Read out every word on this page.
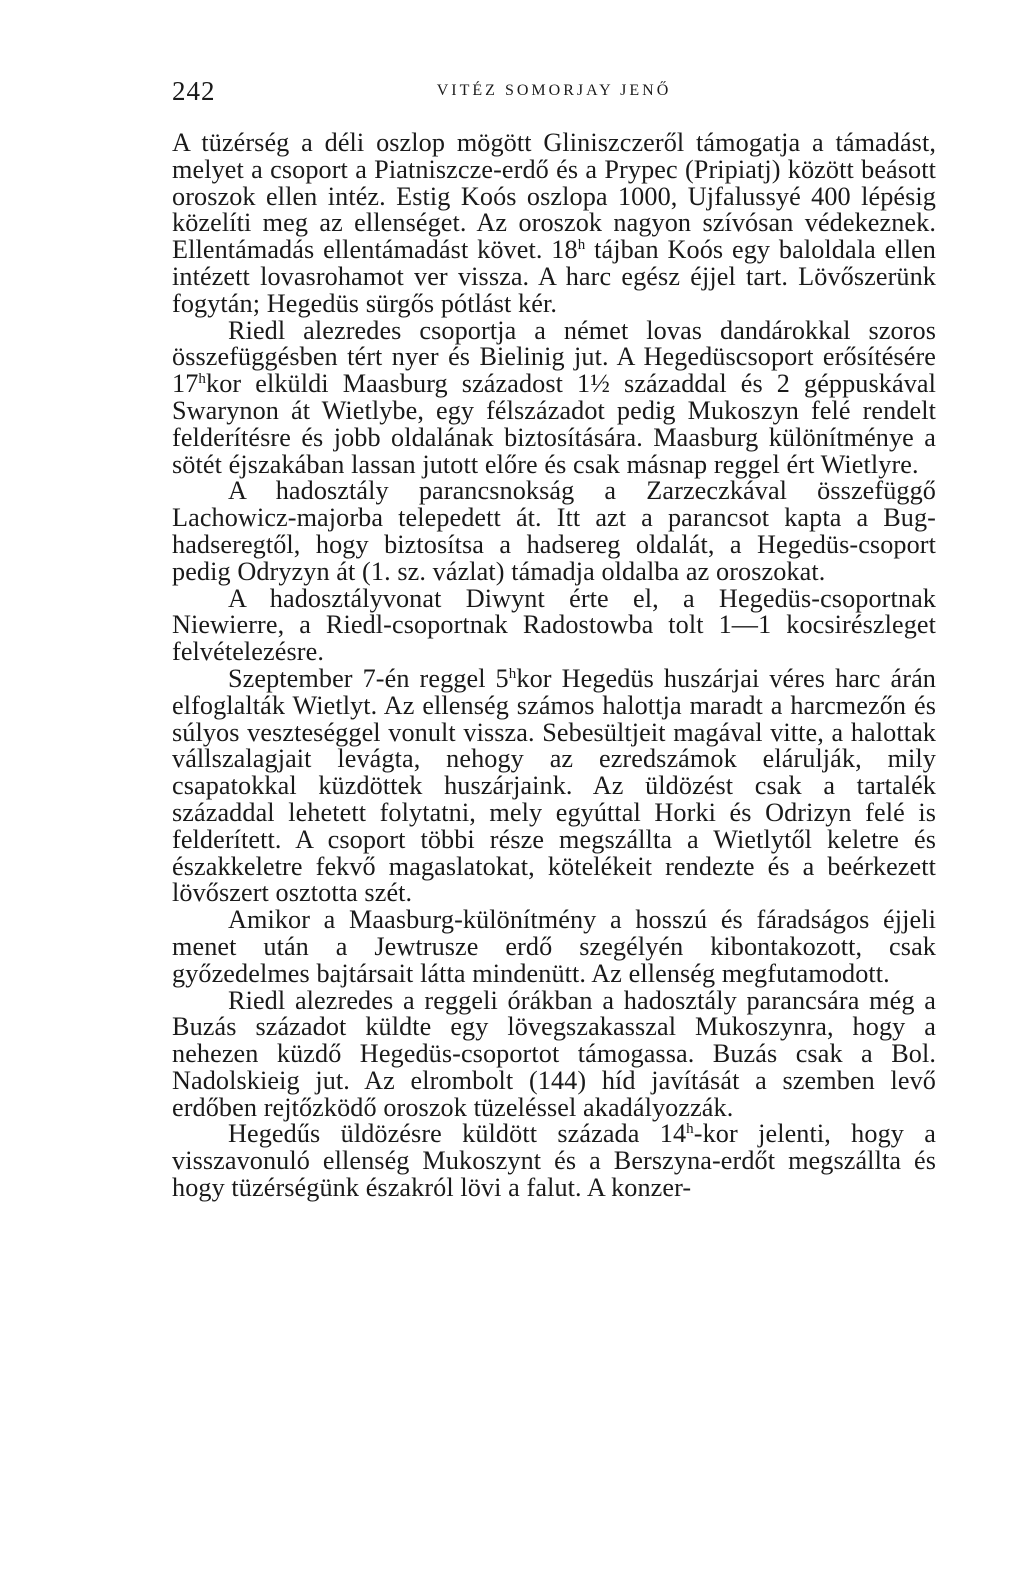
242	VITÉZ SOMORJAY JENŐ

A tüzérség a déli oszlop mögött Gliniszczeről támogatja a támadást, melyet a csoport a Piatniszcze-erdő és a Prypec (Pripiatj) között beásott oroszok ellen intéz. Estig Koós oszlopa 1000, Ujfalussyé 400 lépésig közelíti meg az ellenséget. Az oroszok nagyon szívósan védekeznek. Ellentámadás ellentámadást követ. 18$^h$ tájban Koós egy baloldala ellen intézett lovasrohamot ver vissza. A harc egész éjjel tart. Lövőszerünk fogytán; Hegedüs sürgős pótlást kér.

Riedl alezredes csoportja a német lovas dandárokkal szoros összefüggésben tért nyer és Bielinig jut. A Hegedüscsoport erősítésére 17$^h$kor elküldi Maasburg századost 1½ századdal és 2 géppuskával Swarynon át Wietlybe, egy félszázadot pedig Mukoszyn felé rendelt felderítésre és jobb oldalának biztosítására. Maasburg különítménye a sötét éjszakában lassan jutott előre és csak másnap reggel ért Wietlyre.

A hadosztály parancsnokság a Zarzeczkával összefüggő Lachowicz-majorba telepedett át. Itt azt a parancsot kapta a Bug-hadseregtől, hogy biztosítsa a hadsereg oldalát, a Hegedüs-csoport pedig Odryzyn át (1. sz. vázlat) támadja oldalba az oroszokat.

A hadosztályvonat Diwynt érte el, a Hegedüs-csoportnak Niewierre, a Riedl-csoportnak Radostowba tolt 1—1 kocsirészleget felvételezésre.

Szeptember 7-én reggel 5$^h$kor Hegedüs huszárjai véres harc árán elfoglalták Wietlyt. Az ellenség számos halottja maradt a harcmezőn és súlyos veszteséggel vonult vissza. Sebesültjeit magával vitte, a halottak vállszalagjait levágta, nehogy az ezredszámok elárulják, mily csapatokkal küzdöttek huszárjaink. Az üldözést csak a tartalék századdal lehetett folytatni, mely egyúttal Horki és Odrizyn felé is felderített. A csoport többi része megszállta a Wietlytől keletre és északkeletre fekvő magaslatokat, kötelékeit rendezte és a beérkezett lövőszert osztotta szét.

Amikor a Maasburg-különítmény a hosszú és fáradságos éjjeli menet után a Jewtrusze erdő szegélyén kibontakozott, csak győzedelmes bajtársait látta mindenütt. Az ellenség megfutamodott.

Riedl alezredes a reggeli órákban a hadosztály parancsára még a Buzás századot küldte egy lövegszakasszal Mukoszynra, hogy a nehezen küzdő Hegedüs-csoportot támogassa. Buzás csak a Bol. Nadolskieig jut. Az elrombolt (144) híd javítását a szemben levő erdőben rejtőzködő oroszok tüzeléssel akadályozzák.

Hegedűs üldözésre küldött százada 14$^h$-kor jelenti, hogy a visszavonuló ellenség Mukoszynt és a Berszyna-erdőt megszállta és hogy tüzérségünk északról lövi a falut. A konzer-
